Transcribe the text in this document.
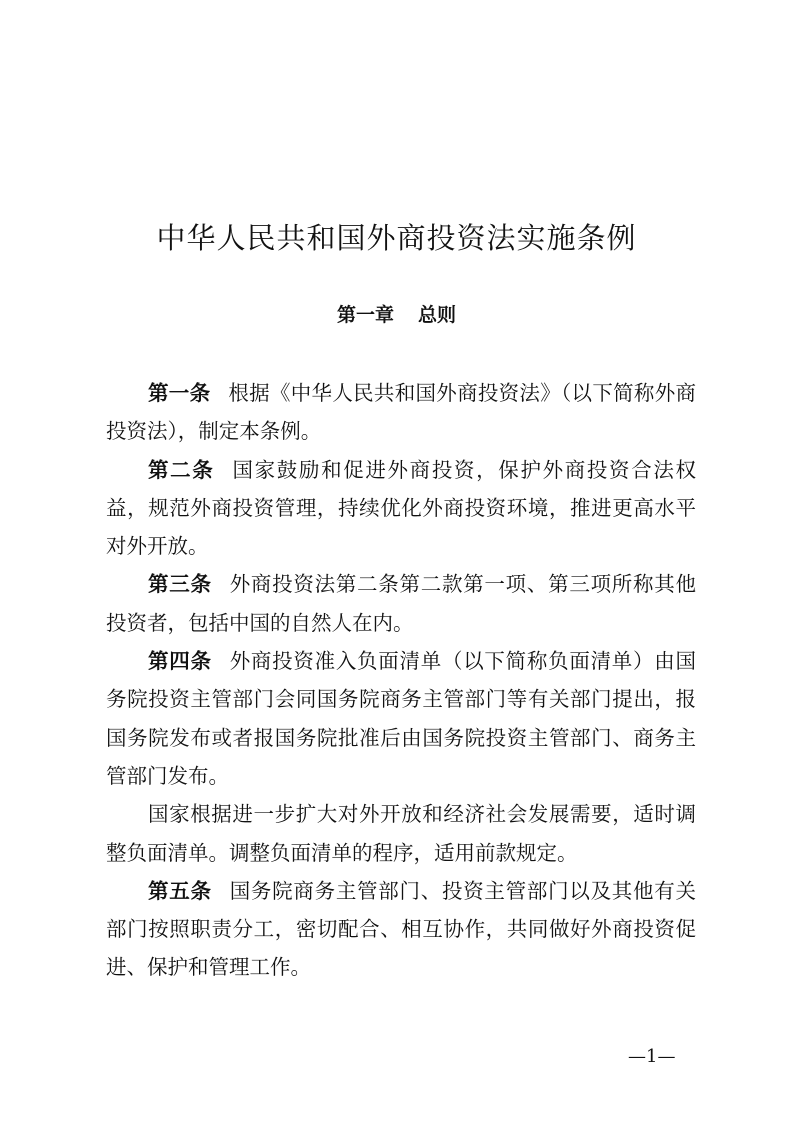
中华人民共和国外商投资法实施条例
第一章 总则

第一条 根据《中华人民共和国外商投资法》（以下简称外商投资法），制定本条例。

第二条 国家鼓励和促进外商投资，保护外商投资合法权益，规范外商投资管理，持续优化外商投资环境，推进更高水平对外开放。

第三条 外商投资法第二条第二款第一项、第三项所称其他投资者，包括中国的自然人在内。

第四条 外商投资准入负面清单（以下简称负面清单）由国务院投资主管部门会同国务院商务主管部门等有关部门提出，报国务院发布或者报国务院批准后由国务院投资主管部门、商务主管部门发布。

国家根据进一步扩大对外开放和经济社会发展需要，适时调整负面清单。调整负面清单的程序，适用前款规定。

第五条 国务院商务主管部门、投资主管部门以及其他有关部门按照职责分工，密切配合、相互协作，共同做好外商投资促进、保护和管理工作。

—1—
